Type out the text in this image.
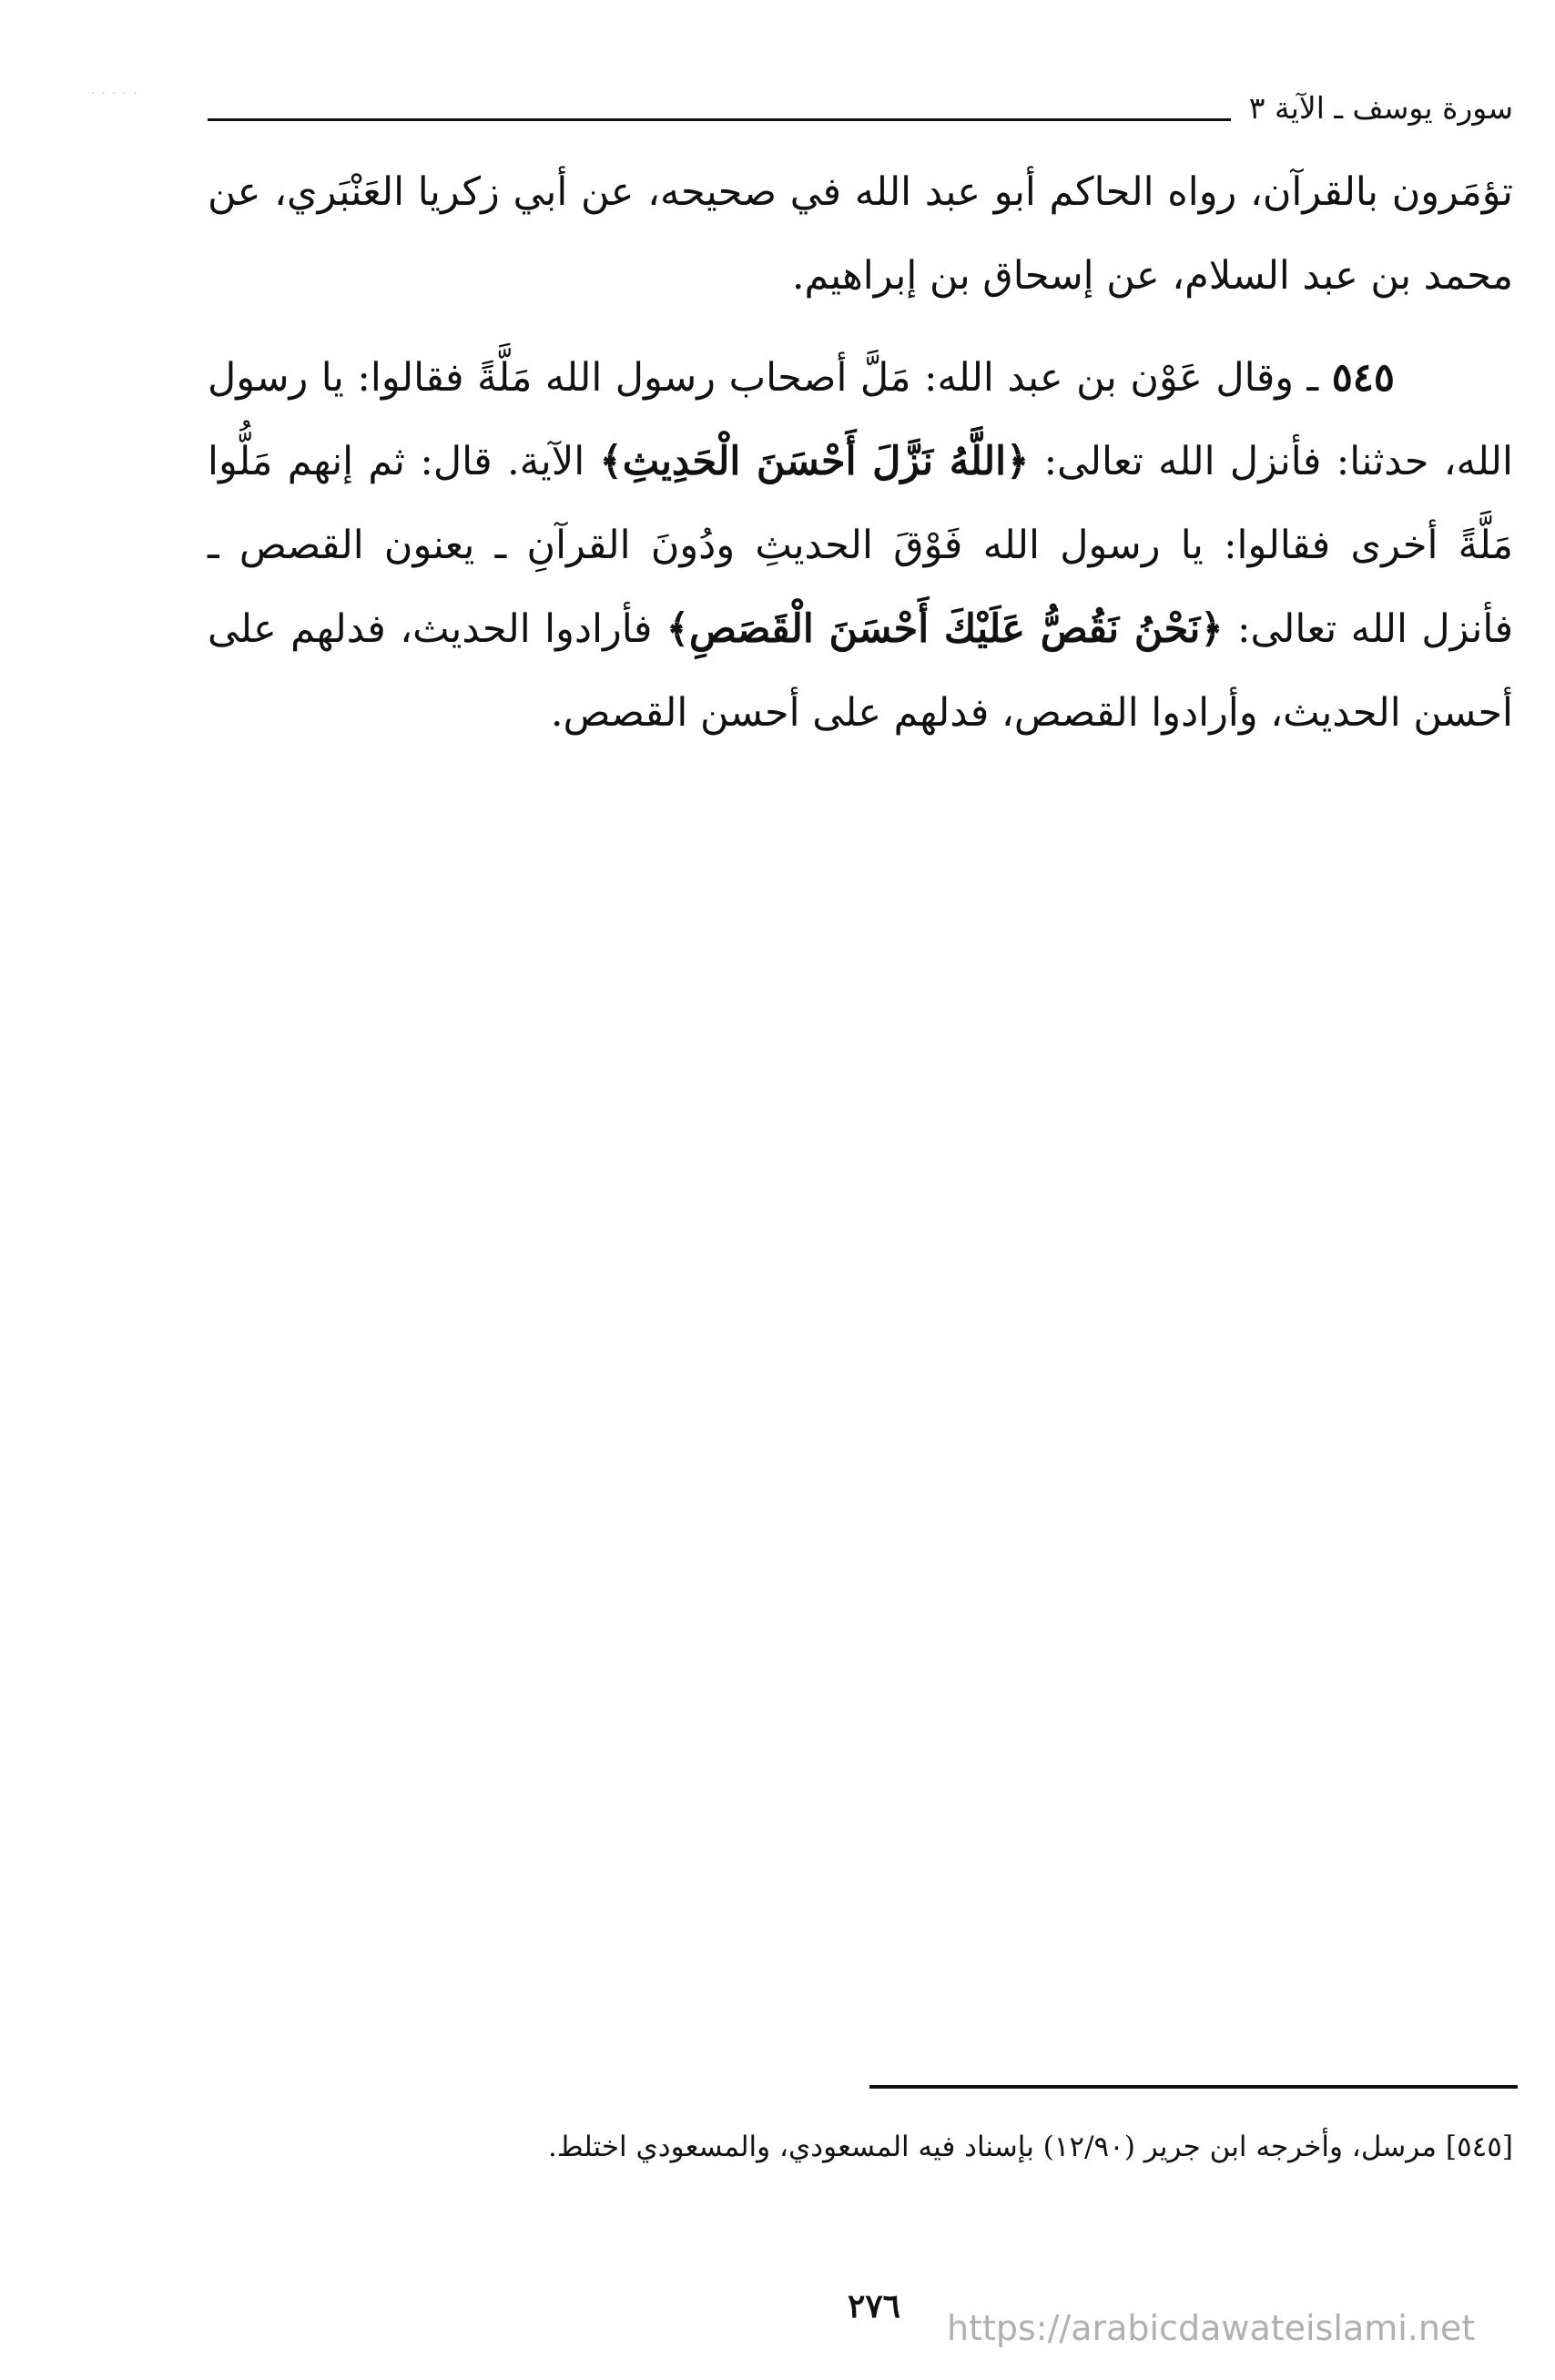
. . . . .	سورة يوسف ـ الآية ٣

تؤمَرون بالقرآن، رواه الحاكم أبو عبد الله في صحيحه، عن أبي زكريا العَنْبَري، عن محمد بن عبد السلام، عن إسحاق بن إبراهيم.

٥٤٥ ـ وقال عَوْن بن عبد الله: مَلَّ أصحاب رسول الله مَلَّةً فقالوا: يا رسول الله، حدثنا: فأنزل الله تعالى: ﴿اللَّهُ نَزَّلَ أَحْسَنَ الْحَدِيثِ﴾ الآية. قال: ثم إنهم مَلُّوا مَلَّةً أخرى فقالوا: يا رسول الله فَوْقَ الحديثِ ودُونَ القرآنِ ـ يعنون القصص ـ فأنزل الله تعالى: ﴿نَحْنُ نَقُصُّ عَلَيْكَ أَحْسَنَ الْقَصَصِ﴾ فأرادوا الحديث، فدلهم على أحسن الحديث، وأرادوا القصص، فدلهم على أحسن القصص.

[٥٤٥] مرسل، وأخرجه ابن جرير (١٢/٩٠) بإسناد فيه المسعودي، والمسعودي اختلط.
٢٧٦
https://arabicdawateislami.net
